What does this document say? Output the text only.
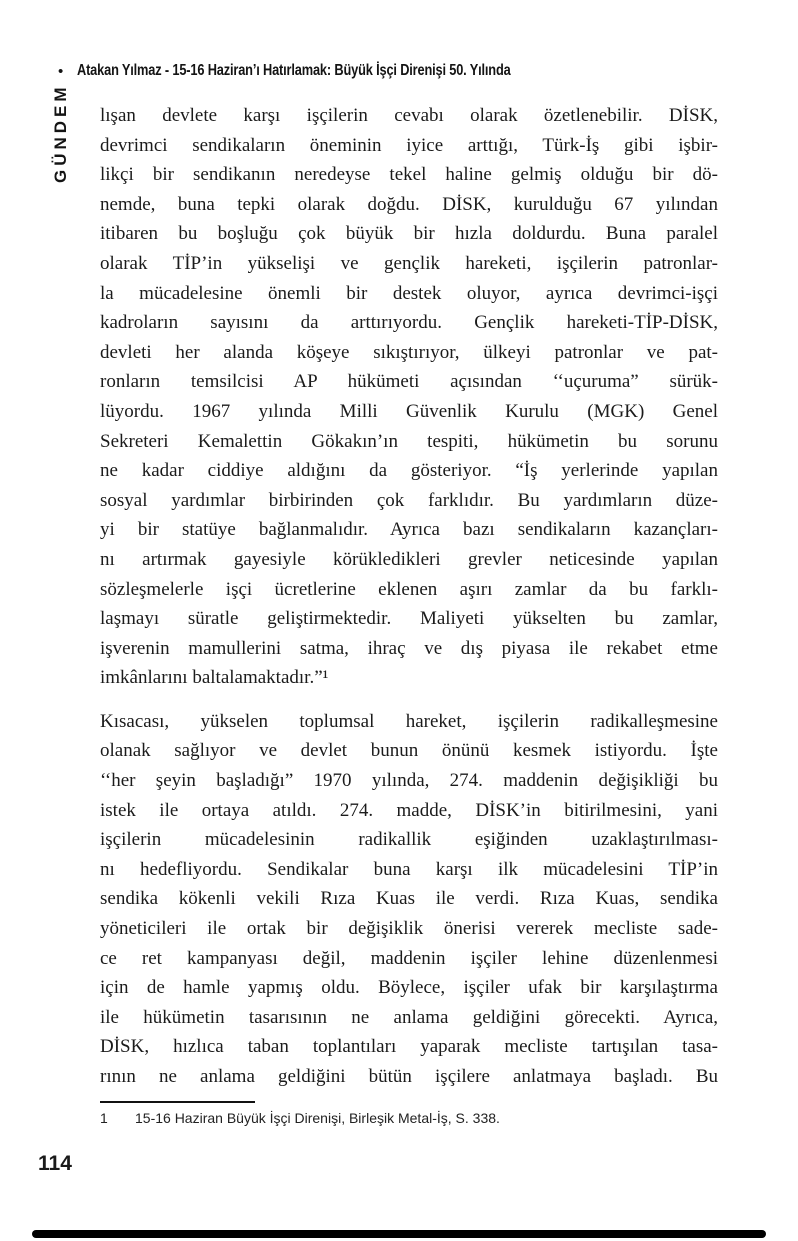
• Atakan Yılmaz - 15-16 Haziran’ı Hatırlamak: Büyük İşçi Direnişi 50. Yılında
GÜNDEM lışan devlete karşı işçilerin cevabı olarak özetlenebilir. DİSK,
devrimci sendikaların öneminin iyice arttığı, Türk-İş gibi işbir-
likçi bir sendikanın neredeyse tekel haline gelmiş olduğu bir dö-
nemde, buna tepki olarak doğdu. DİSK, kurulduğu 67 yılından
itibaren bu boşluğu çok büyük bir hızla doldurdu. Buna paralel
olarak TİP’in yükselişi ve gençlik hareketi, işçilerin patronlar-
la mücadelesine önemli bir destek oluyor, ayrıca devrimci-işçi
kadroların sayısını da arttırıyordu. Gençlik hareketi-TİP-DİSK,
devleti her alanda köşeye sıkıştırıyor, ülkeyi patronlar ve pat-
ronların temsilcisi AP hükümeti açısından ‘‘uçuruma” sürük-
lüyordu. 1967 yılında Milli Güvenlik Kurulu (MGK) Genel
Sekreteri Kemalettin Gökakın’ın tespiti, hükümetin bu sorunu
ne kadar ciddiye aldığını da gösteriyor. “İş yerlerinde yapılan
sosyal yardımlar birbirinden çok farklıdır. Bu yardımların düze-
yi bir statüye bağlanmalıdır. Ayrıca bazı sendikaların kazançları-
nı artırmak gayesiyle körükledikleri grevler neticesinde yapılan
sözleşmelerle işçi ücretlerine eklenen aşırı zamlar da bu farklı-
laşmayı süratle geliştirmektedir. Maliyeti yükselten bu zamlar,
işverenin mamullerini satma, ihraç ve dış piyasa ile rekabet etme
imkânlarını baltalamaktadır.”¹
Kısacası, yükselen toplumsal hareket, işçilerin radikalleşmesine
olanak sağlıyor ve devlet bunun önünü kesmek istiyordu. İşte
‘‘her şeyin başladığı” 1970 yılında, 274. maddenin değişikliği bu
istek ile ortaya atıldı. 274. madde, DİSK’in bitirilmesini, yani
işçilerin mücadelesinin radikallik eşiğinden uzaklaştırılması-
nı hedefliyordu. Sendikalar buna karşı ilk mücadelesini TİP’in
sendika kökenli vekili Rıza Kuas ile verdi. Rıza Kuas, sendika
yöneticileri ile ortak bir değişiklik önerisi vererek mecliste sade-
ce ret kampanyası değil, maddenin işçiler lehine düzenlenmesi
için de hamle yapmış oldu. Böylece, işçiler ufak bir karşılaştırma
ile hükümetin tasarısının ne anlama geldiğini görecekti. Ayrıca,
DİSK, hızlıca taban toplantıları yaparak mecliste tartışılan tasa-
rının ne anlama geldiğini bütün işçilere anlatmaya başladı. Bu
1	15-16 Haziran Büyük İşçi Direnişi, Birleşik Metal-İş, S. 338.
114
